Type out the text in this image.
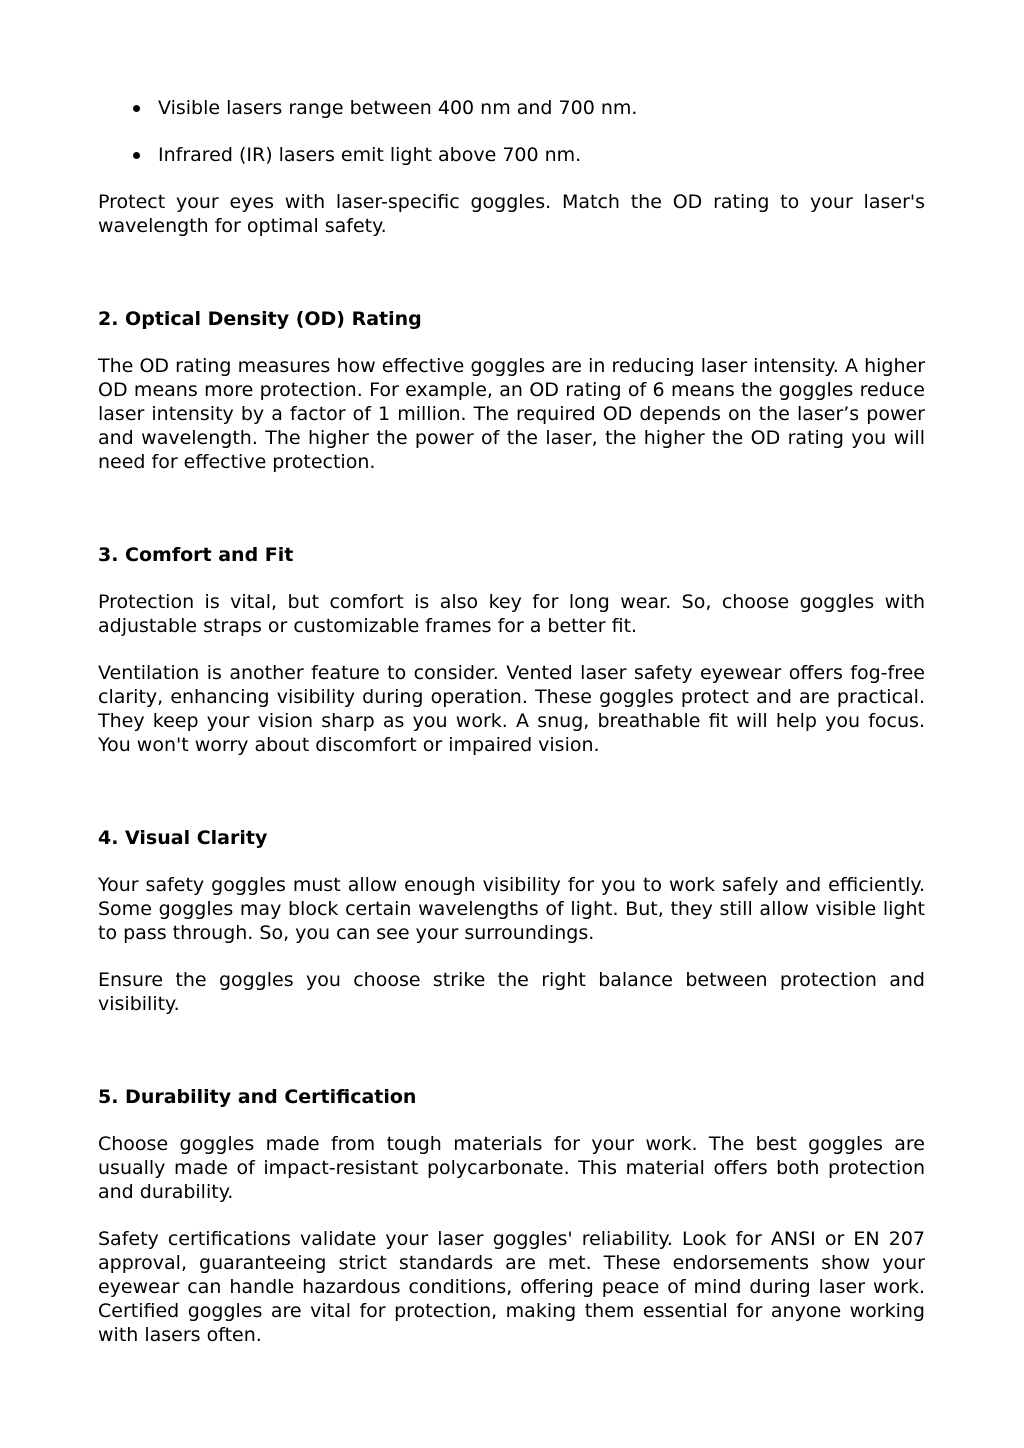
Visible lasers range between 400 nm and 700 nm.
Infrared (IR) lasers emit light above 700 nm.

Protect your eyes with laser-specific goggles. Match the OD rating to your laser's wavelength for optimal safety.

2. Optical Density (OD) Rating

The OD rating measures how effective goggles are in reducing laser intensity. A higher OD means more protection. For example, an OD rating of 6 means the goggles reduce laser intensity by a factor of 1 million. The required OD depends on the laser’s power and wavelength. The higher the power of the laser, the higher the OD rating you will need for effective protection.

3. Comfort and Fit

Protection is vital, but comfort is also key for long wear. So, choose goggles with adjustable straps or customizable frames for a better fit.

Ventilation is another feature to consider. Vented laser safety eyewear offers fog-free clarity, enhancing visibility during operation. These goggles protect and are practical. They keep your vision sharp as you work. A snug, breathable fit will help you focus. You won't worry about discomfort or impaired vision.

4. Visual Clarity

Your safety goggles must allow enough visibility for you to work safely and efficiently. Some goggles may block certain wavelengths of light. But, they still allow visible light to pass through. So, you can see your surroundings.

Ensure the goggles you choose strike the right balance between protection and visibility.

5. Durability and Certification

Choose goggles made from tough materials for your work. The best goggles are usually made of impact-resistant polycarbonate. This material offers both protection and durability.

Safety certifications validate your laser goggles' reliability. Look for ANSI or EN 207 approval, guaranteeing strict standards are met. These endorsements show your eyewear can handle hazardous conditions, offering peace of mind during laser work. Certified goggles are vital for protection, making them essential for anyone working with lasers often.
